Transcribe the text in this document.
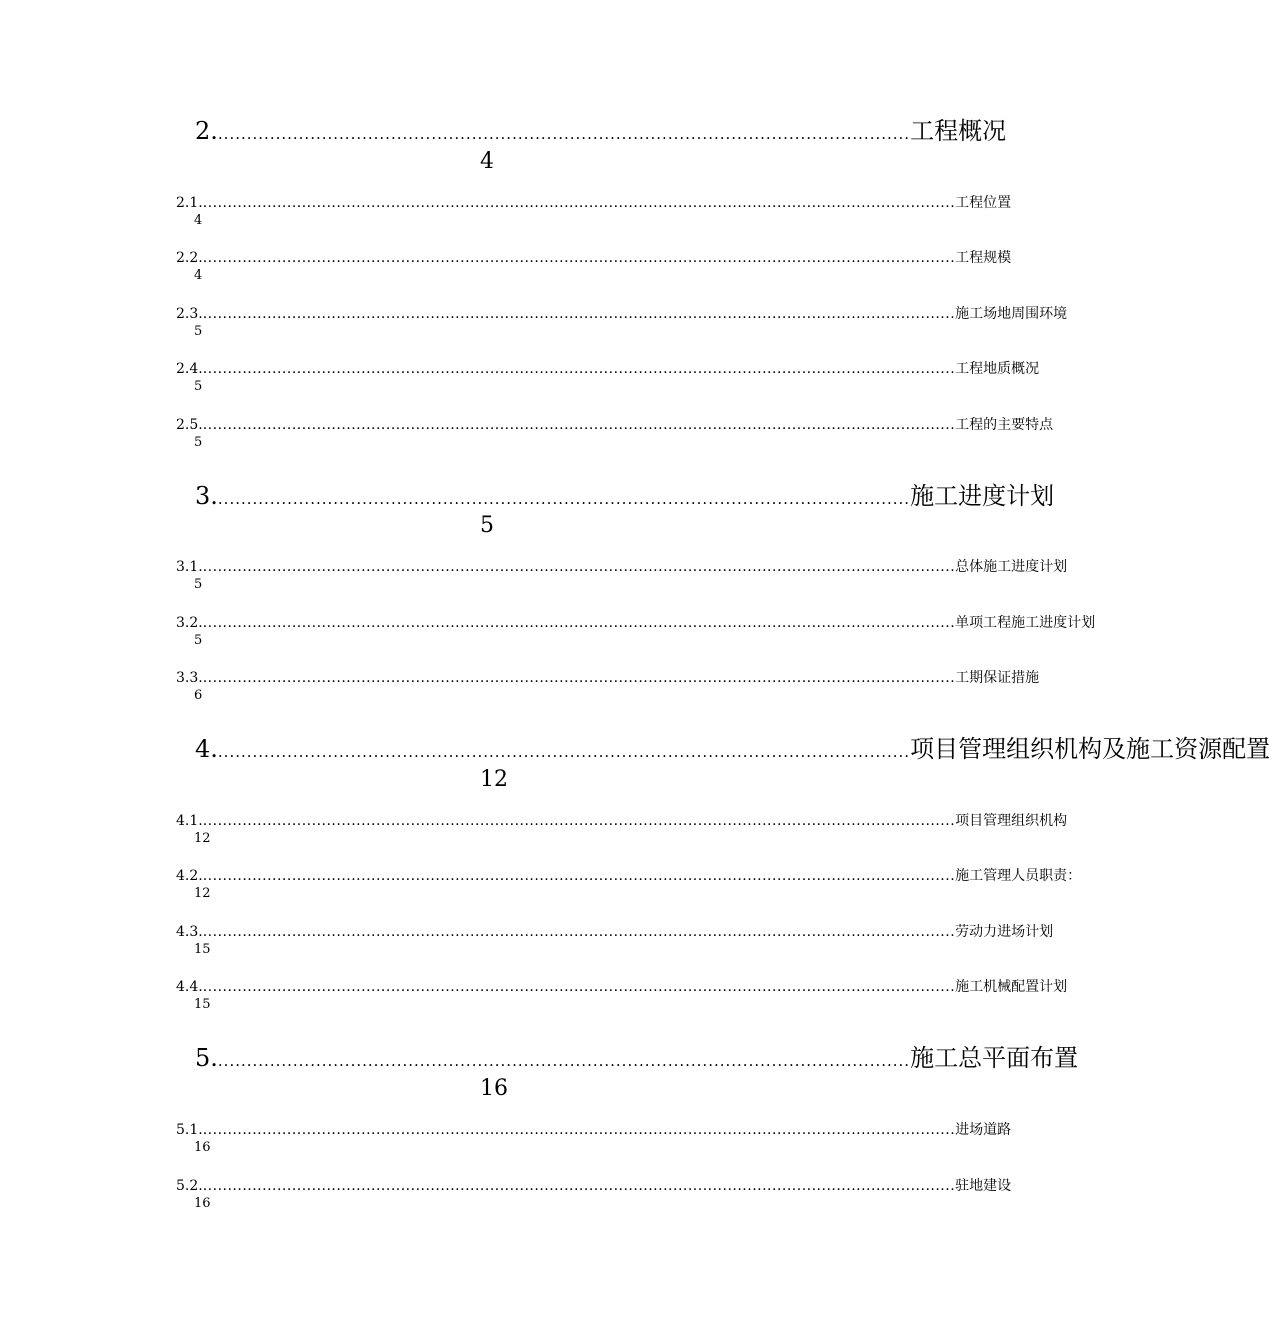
2. ........................................................................................................................ 工程概况
4
2.1. ........................................................................................................................................................ 工程位置
4
2.2. ........................................................................................................................................................ 工程规模
4
2.3. ........................................................................................................................................................ 施工场地周围环境
5
2.4. ........................................................................................................................................................ 工程地质概况
5
2.5. ........................................................................................................................................................ 工程的主要特点
5
3. ........................................................................................................................ 施工进度计划
5
3.1. ........................................................................................................................................................ 总体施工进度计划
5
3.2. ........................................................................................................................................................ 单项工程施工进度计划
5
3.3. ........................................................................................................................................................ 工期保证措施
6
4. ........................................................................................................................ 项目管理组织机构及施工资源配置
12
4.1. ........................................................................................................................................................ 项目管理组织机构
12
4.2. ........................................................................................................................................................ 施工管理人员职责：
12
4.3. ........................................................................................................................................................ 劳动力进场计划
15
4.4. ........................................................................................................................................................ 施工机械配置计划
15
5. ........................................................................................................................ 施工总平面布置
16
5.1. ........................................................................................................................................................ 进场道路
16
5.2. ........................................................................................................................................................ 驻地建设
16
